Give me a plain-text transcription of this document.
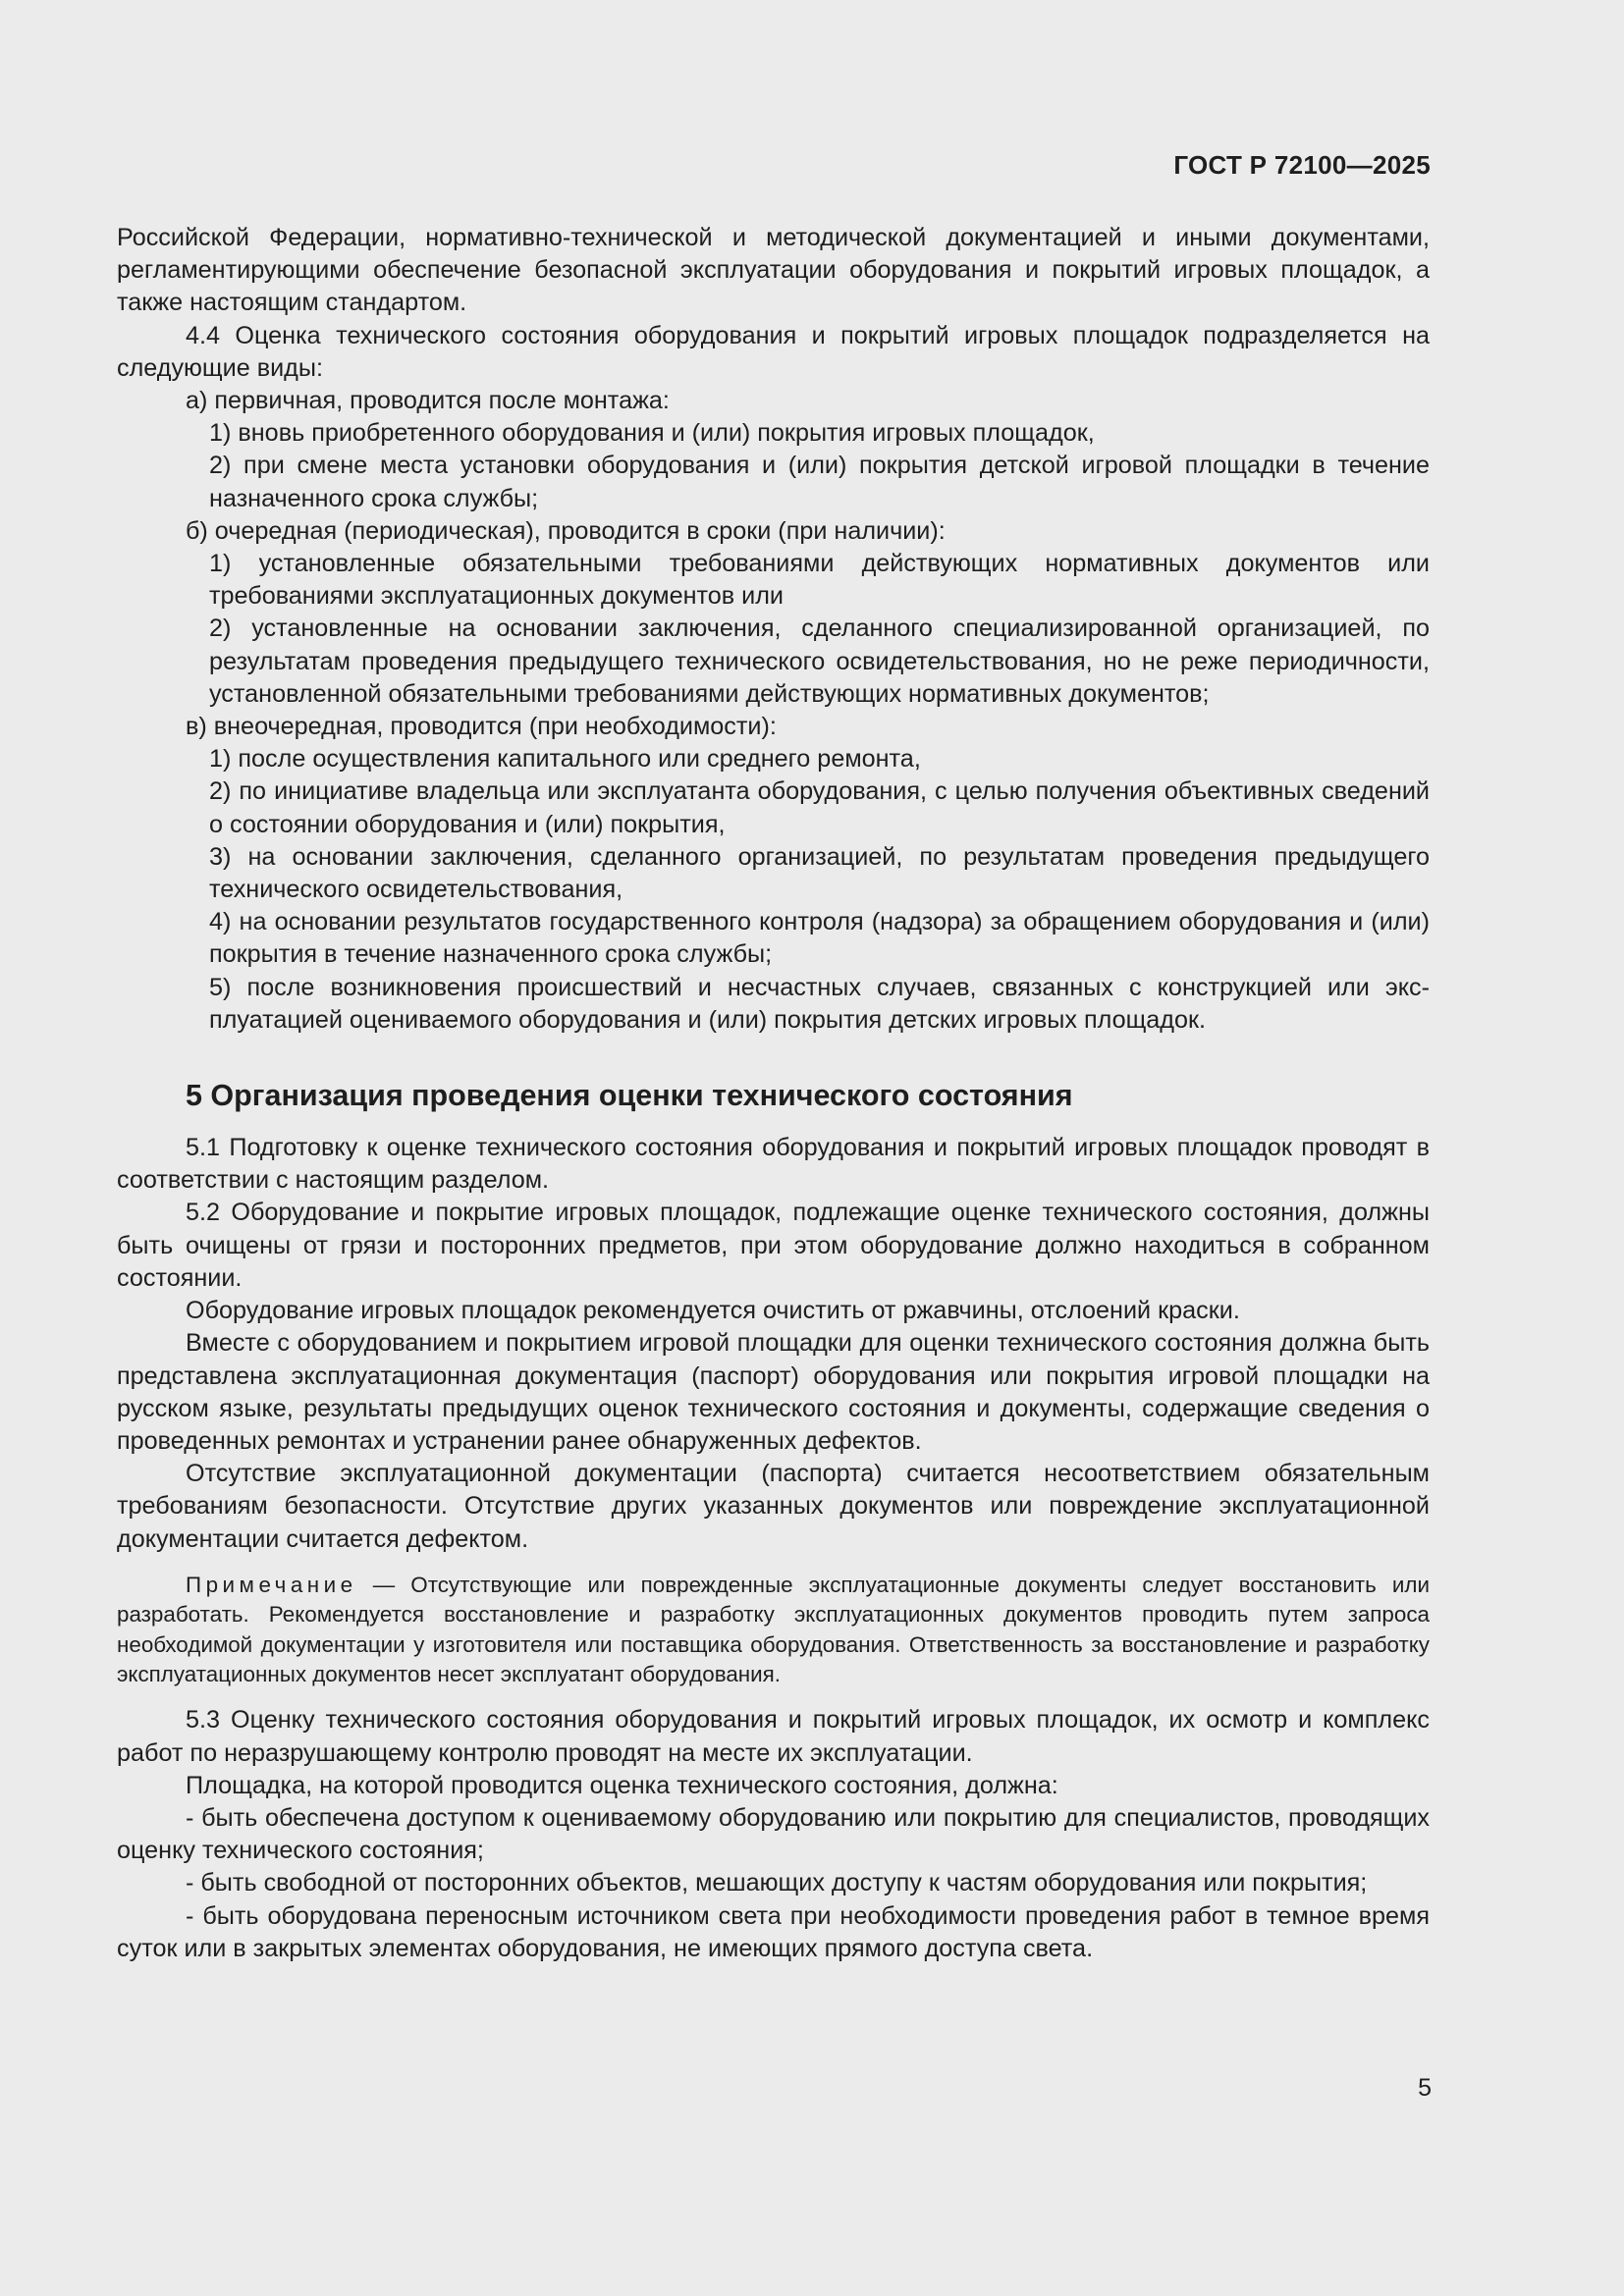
ГОСТ Р 72100—2025

Российской Федерации, нормативно-технической и методической документацией и иными документами, регламентирующими обеспечение безопасной эксплуатации оборудования и покрытий игровых площадок, а также настоящим стандартом.

4.4 Оценка технического состояния оборудования и покрытий игровых площадок подразделяется на следующие виды:

а) первичная, проводится после монтажа:

1) вновь приобретенного оборудования и (или) покрытия игровых площадок,

2) при смене места установки оборудования и (или) покрытия детской игровой площадки в течение назначенного срока службы;

б) очередная (периодическая), проводится в сроки (при наличии):

1) установленные обязательными требованиями действующих нормативных документов или требованиями эксплуатационных документов или

2) установленные на основании заключения, сделанного специализированной организацией, по результатам проведения предыдущего технического освидетельствования, но не реже периодичности, установленной обязательными требованиями действующих нормативных документов;

в) внеочередная, проводится (при необходимости):

1) после осуществления капитального или среднего ремонта,

2) по инициативе владельца или эксплуатанта оборудования, с целью получения объективных сведений о состоянии оборудования и (или) покрытия,

3) на основании заключения, сделанного организацией, по результатам проведения предыдущего технического освидетельствования,

4) на основании результатов государственного контроля (надзора) за обращением оборудования и (или) покрытия в течение назначенного срока службы;

5) после возникновения происшествий и несчастных случаев, связанных с конструкцией или эксплуатацией оцениваемого оборудования и (или) покрытия детских игровых площадок.

5 Организация проведения оценки технического состояния

5.1 Подготовку к оценке технического состояния оборудования и покрытий игровых площадок проводят в соответствии с настоящим разделом.

5.2 Оборудование и покрытие игровых площадок, подлежащие оценке технического состояния, должны быть очищены от грязи и посторонних предметов, при этом оборудование должно находиться в собранном состоянии.

Оборудование игровых площадок рекомендуется очистить от ржавчины, отслоений краски.

Вместе с оборудованием и покрытием игровой площадки для оценки технического состояния должна быть представлена эксплуатационная документация (паспорт) оборудования или покрытия игровой площадки на русском языке, результаты предыдущих оценок технического состояния и документы, содержащие сведения о проведенных ремонтах и устранении ранее обнаруженных дефектов.

Отсутствие эксплуатационной документации (паспорта) считается несоответствием обязательным требованиям безопасности. Отсутствие других указанных документов или повреждение эксплуатационной документации считается дефектом.

Примечание — Отсутствующие или поврежденные эксплуатационные документы следует восстановить или разработать. Рекомендуется восстановление и разработку эксплуатационных документов проводить путем запроса необходимой документации у изготовителя или поставщика оборудования. Ответственность за восстановление и разработку эксплуатационных документов несет эксплуатант оборудования.

5.3 Оценку технического состояния оборудования и покрытий игровых площадок, их осмотр и комплекс работ по неразрушающему контролю проводят на месте их эксплуатации.

Площадка, на которой проводится оценка технического состояния, должна:

- быть обеспечена доступом к оцениваемому оборудованию или покрытию для специалистов, проводящих оценку технического состояния;

- быть свободной от посторонних объектов, мешающих доступу к частям оборудования или покрытия;

- быть оборудована переносным источником света при необходимости проведения работ в темное время суток или в закрытых элементах оборудования, не имеющих прямого доступа света.

5
